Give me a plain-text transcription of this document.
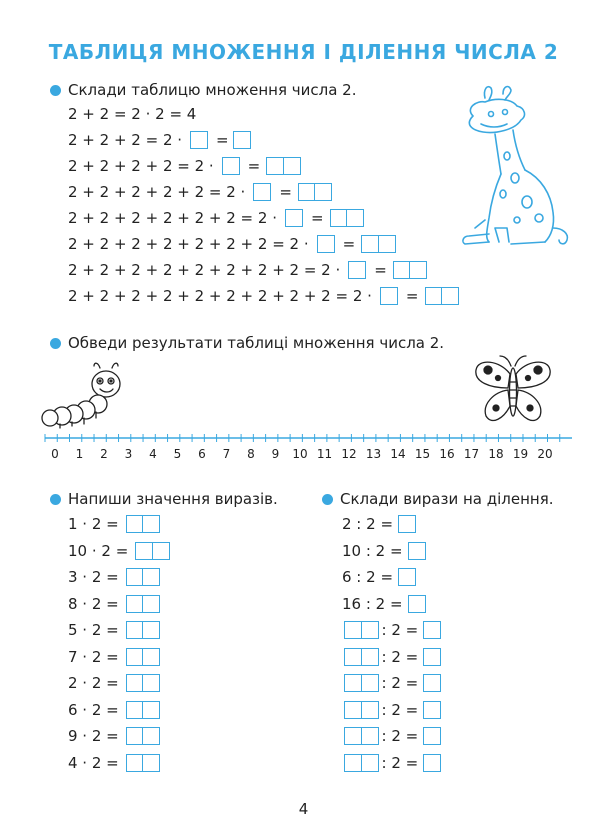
ТАБЛИЦЯ МНОЖЕННЯ І ДІЛЕННЯ ЧИСЛА 2
Склади таблицю множення числа 2.
2 + 2 = 2 · 2 = 4
2 + 2 + 2 = 2 · =
2 + 2 + 2 + 2 = 2 · =
2 + 2 + 2 + 2 + 2 = 2 · =
2 + 2 + 2 + 2 + 2 + 2 = 2 · =
2 + 2 + 2 + 2 + 2 + 2 + 2 = 2 · =
2 + 2 + 2 + 2 + 2 + 2 + 2 + 2 = 2 · =
2 + 2 + 2 + 2 + 2 + 2 + 2 + 2 + 2 = 2 · =
Обведи результати таблиці множення числа 2.
0 1 2 3 4 5 6 7 8 9 10 11 12 13 14 15 16 17 18 19 20
Напиши значення виразів.
1 · 2 =
10 · 2 =
3 · 2 =
8 · 2 =
5 · 2 =
7 · 2 =
2 · 2 =
6 · 2 =
9 · 2 =
4 · 2 =
Склади вирази на ділення.
2 : 2 =
10 : 2 =
6 : 2 =
16 : 2 =
: 2 =
: 2 =
: 2 =
: 2 =
: 2 =
: 2 =
4
